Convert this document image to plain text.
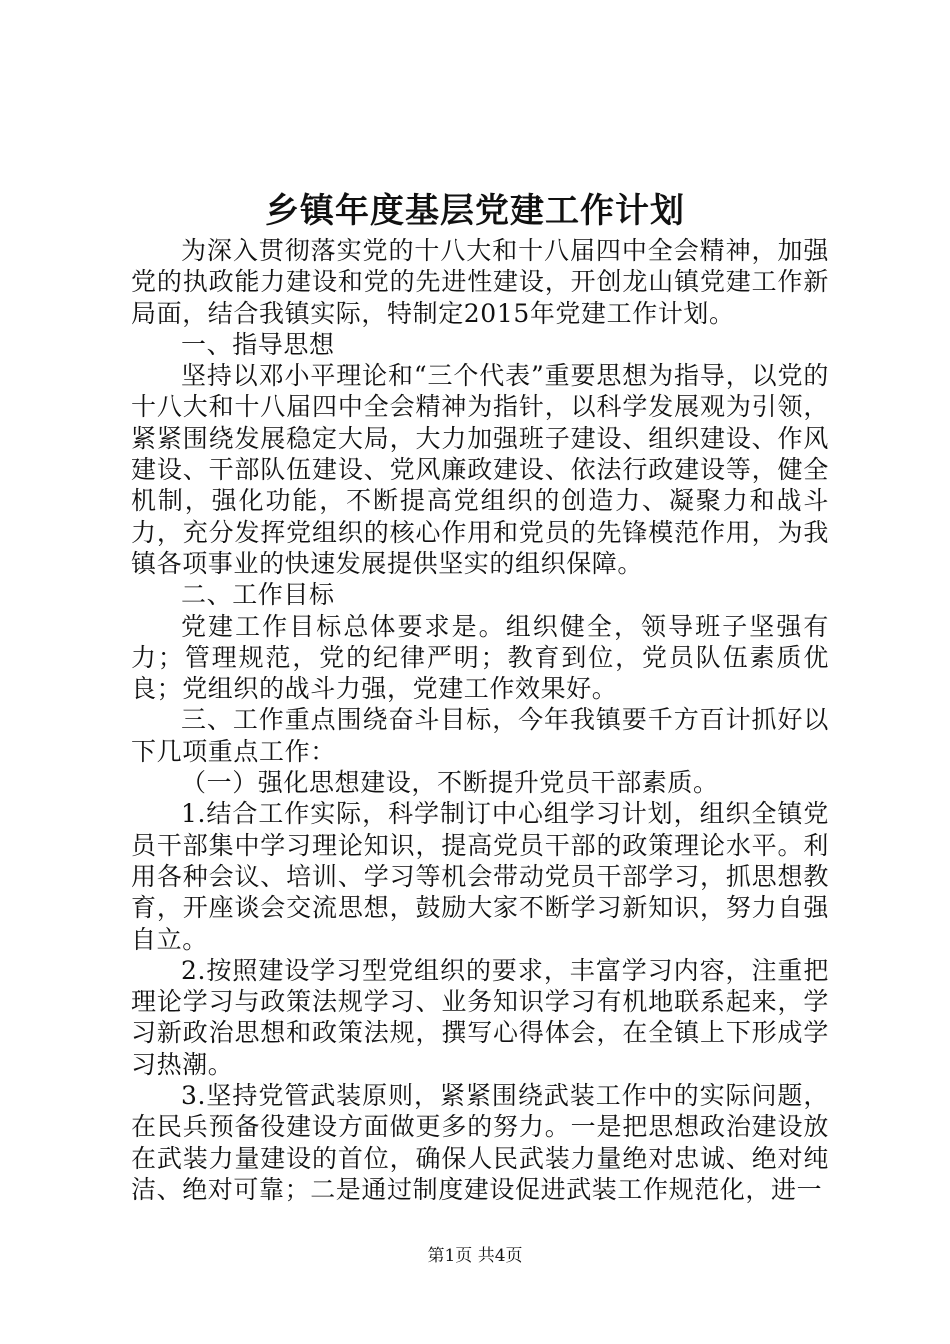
乡镇年度基层党建工作计划

为深入贯彻落实党的十八大和十八届四中全会精神，加强党的执政能力建设和党的先进性建设，开创龙山镇党建工作新局面，结合我镇实际，特制定2015年党建工作计划。

一、指导思想

坚持以邓小平理论和“三个代表”重要思想为指导，以党的十八大和十八届四中全会精神为指针，以科学发展观为引领，紧紧围绕发展稳定大局，大力加强班子建设、组织建设、作风建设、干部队伍建设、党风廉政建设、依法行政建设等，健全机制，强化功能，不断提高党组织的创造力、凝聚力和战斗力，充分发挥党组织的核心作用和党员的先锋模范作用，为我镇各项事业的快速发展提供坚实的组织保障。

二、工作目标

党建工作目标总体要求是。组织健全，领导班子坚强有力；管理规范，党的纪律严明；教育到位，党员队伍素质优良；党组织的战斗力强，党建工作效果好。

三、工作重点围绕奋斗目标，今年我镇要千方百计抓好以下几项重点工作：

（一）强化思想建设，不断提升党员干部素质。

1.结合工作实际，科学制订中心组学习计划，组织全镇党员干部集中学习理论知识，提高党员干部的政策理论水平。利用各种会议、培训、学习等机会带动党员干部学习，抓思想教育，开座谈会交流思想，鼓励大家不断学习新知识，努力自强自立。

2.按照建设学习型党组织的要求，丰富学习内容，注重把理论学习与政策法规学习、业务知识学习有机地联系起来，学习新政治思想和政策法规，撰写心得体会，在全镇上下形成学习热潮。

3.坚持党管武装原则，紧紧围绕武装工作中的实际问题，在民兵预备役建设方面做更多的努力。一是把思想政治建设放在武装力量建设的首位，确保人民武装力量绝对忠诚、绝对纯洁、绝对可靠；二是通过制度建设促进武装工作规范化，进一

第1页 共4页
